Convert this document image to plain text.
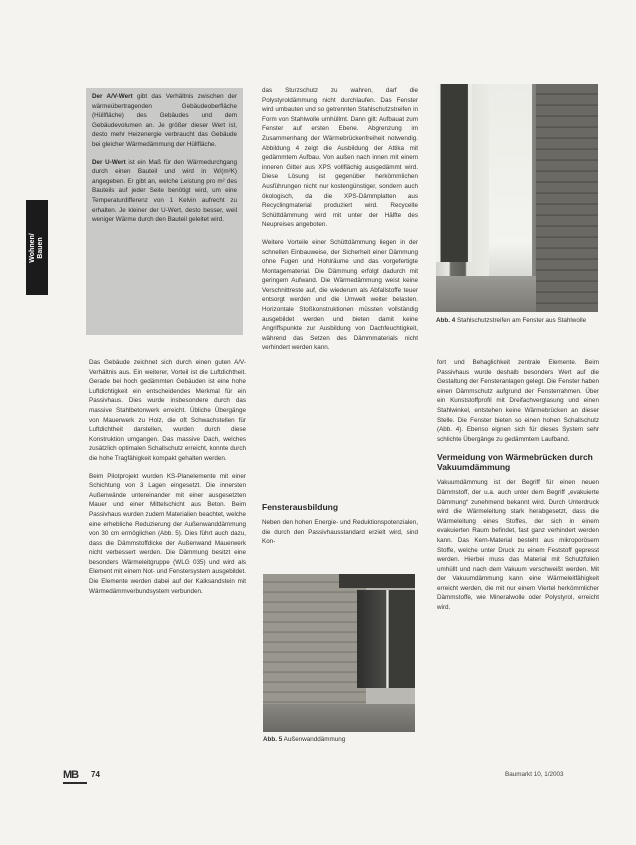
Wohnen/ Bauen

Der A/V-Wert gibt das Verhältnis zwischen der wärmeübertragenden Gebäudeoberfläche (Hüllfläche) des Gebäudes und dem Gebäudevolumen an. Je größer dieser Wert ist, desto mehr Heizenergie verbraucht das Gebäude bei gleicher Wärmedämmung der Hüllfläche.

Der U-Wert ist ein Maß für den Wärmedurchgang durch einen Bauteil und wird in W/(m²K) angegeben. Er gibt an, welche Leistung pro m² des Bauteils auf jeder Seite benötigt wird, um eine Temperaturdifferenz von 1 Kelvin aufrecht zu erhalten. Je kleiner der U-Wert, desto besser, weil weniger Wärme durch den Bauteil geleitet wird.

das Sturzschutz zu wahren, darf die Polystyroldämmung nicht durchlaufen. Das Fenster wird umbauten und so getrennten Stahlschutzstreifen in Form von Stahlwolle umhüllmt. Dann gilt: Aufbauat zum Fenster auf ersten Ebene. Abgrenzung im Zusammenhang der Wärmebrückenfreiheit notwendig. Abbildung 4 zeigt die Ausbildung der Attika mit gedämmtem Aufbau. Von außen nach innen mit einem inneren Gitter aus XPS vollflächig ausgedämmt wird. Diese Lösung ist gegenüber herkömmlichen Ausführungen nicht nur kostengünstiger, sondern auch ökologisch, da die XPS-Dämmplatten aus Recyclingmaterial produziert wird. Recycelte Schüttdämmung wird mit unter der Hälfte des Neupreises angeboten.

Weitere Vorteile einer Schüttdämmung liegen in der schnellen Einbauweise, der Sicherheit einer Dämmung ohne Fugen und Hohlräume und das vorgefertigte Montagematerial. Die Dämmung erfolgt dadurch mit geringem Aufwand. Die Wärmedämmung weist keine Verschnittreste auf, die wiederum als Abfallstoffe teuer entsorgt werden und die Umwelt weiter belasten. Horizontale Stoßkonstruktionen müssten vollständig ausgebildet werden und bieten damit keine Angriffspunkte zur Ausbildung von Dachfeuchtigkeit, während das Setzen des Dämmmaterials nicht verhindert werden kann.

Abb. 4 Stahlschutzstreifen am Fenster aus Stahlwolle

Das Gebäude zeichnet sich durch einen guten A/V-Verhältnis aus. Ein weiterer, Vorteil ist die Luftdichtheit. Gerade bei hoch gedämmten Gebäuden ist eine hohe Luftdichtigkeit ein entscheidendes Merkmal für ein Passivhaus. Dies wurde insbesondere durch das massive Stahlbetonwerk erreicht. Übliche Übergänge von Mauerwerk zu Holz, die oft Schwachstellen für Luftdichtheit darstellen, wurden durch diese Konstruktion umgangen. Das massive Dach, welches zusätzlich optimalen Schallschutz erreicht, konnte durch die hohe Tragfähigkeit kompakt gehalten werden.

Beim Pilotprojekt wurden KS-Planelemente mit einer Schichtung von 3 Lagen eingesetzt. Die innersten Außenwände untereinander mit einer ausgesetzten Mauer und einer Mittelschicht aus Beton. Beim Passivhaus wurden zudem Materialien beachtet, welche eine erhebliche Reduzierung der Außenwanddämmung von 30 cm ermöglichen (Abb. 5). Dies führt auch dazu, dass die Dämmstoffdicke der Außenwand Mauerwerk nicht verbessert werden. Die Dämmung besitzt eine besonders Wärmeleitgruppe (WLG 035) und wird als Element mit einem Not- und Fenstersystem ausgebildet. Die Elemente werden dabei auf der Kalksandstein mit Wärmedämmverbundsystem verbunden.

Fensterausbildung

Neben den hohen Energie- und Reduktionspotenzialen, die durch den Passivhausstandard erzielt wird, sind Kon-

Abb. 5 Außenwanddämmung

fort und Behaglichkeit zentrale Elemente. Beim Passivhaus wurde deshalb besonders Wert auf die Gestaltung der Fensteranlagen gelegt. Die Fenster haben einen Dämmschutz aufgrund der Fensterrahmen. Über ein Kunststoffprofil mit Dreifachverglasung und einen Stahlwinkel, entstehen keine Wärmebrücken an dieser Stelle. Die Fenster bieten so einen hohen Schallschutz (Abb. 4). Ebenso eignen sich für dieses System sehr schlichte Übergänge zu gedämmtem Laufband.

Vermeidung von Wärmebrücken durch Vakuumdämmung

Vakuumdämmung ist der Begriff für einen neuen Dämmstoff, der u.a. auch unter dem Begriff „evakuierte Dämmung“ zunehmend bekannt wird. Durch Unterdruck wird die Wärmeleitung stark herabgesetzt, dass die Wärmeleitung eines Stoffes, der sich in einem evakuierten Raum befindet, fast ganz verhindert werden kann. Das Kern-Material besteht aus mikroporösem Stoffe, welche unter Druck zu einem Feststoff gepresst werden. Hierbei muss das Material mit Schutzfolien umhüllt und nach dem Vakuum verschweißt werden. Mit der Vakuumdämmung kann eine Wärmeleitfähigkeit erreicht werden, die mit nur einem Viertel herkömmlicher Dämmstoffe, wie Mineralwolle oder Polystyrol, erreicht wird.

MB	74	Baumarkt 10, 1/2003
